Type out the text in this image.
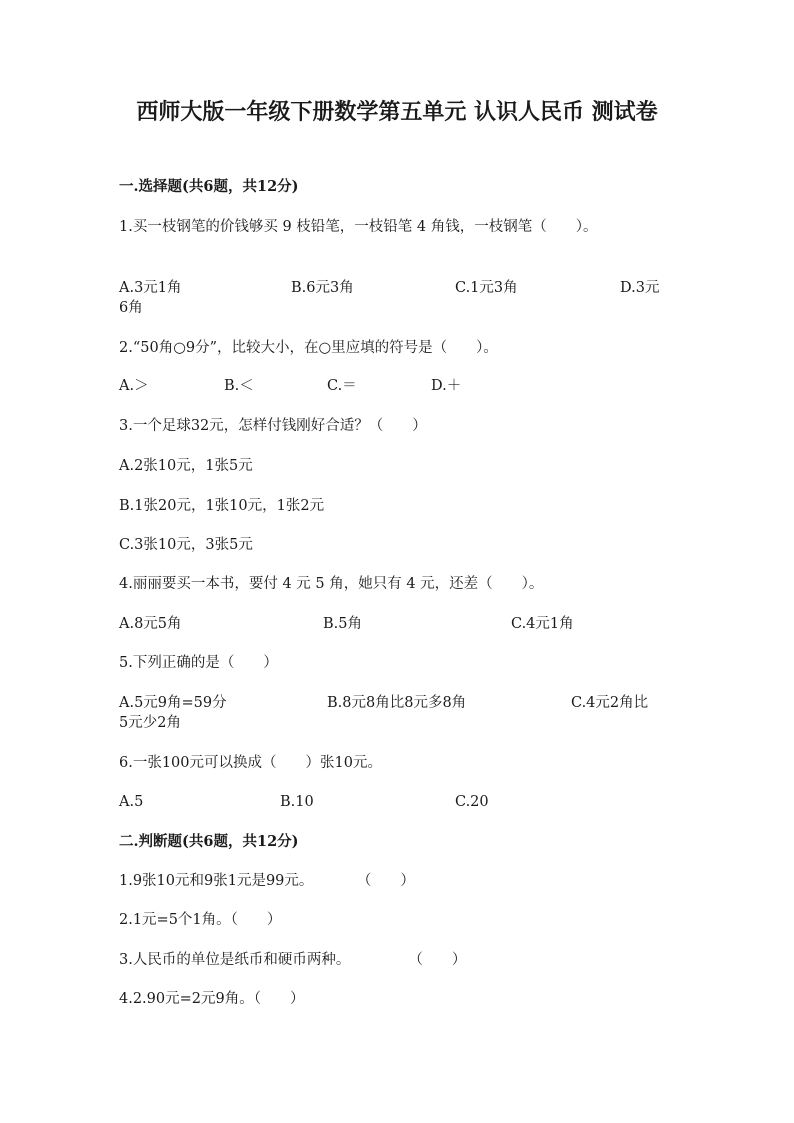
西师大版一年级下册数学第五单元 认识人民币 测试卷
一.选择题(共6题，共12分)
1.买一枝钢笔的价钱够买 9 枝铅笔，一枝铅笔 4 角钱，一枝钢笔（　　）。
A.3元1角	B.6元3角	C.1元3角	D.3元
6角
2.“50角○9分”，比较大小，在○里应填的符号是（　　）。
A.＞	B.＜	C.＝	D.＋
3.一个足球32元，怎样付钱刚好合适？（　　）
A.2张10元，1张5元
B.1张20元，1张10元，1张2元
C.3张10元，3张5元
4.丽丽要买一本书，要付 4 元 5 角，她只有 4 元，还差（　　）。
A.8元5角	B.5角	C.4元1角
5.下列正确的是（　　）
A.5元9角=59分	B.8元8角比8元多8角	C.4元2角比
5元少2角
6.一张100元可以换成（　　）张10元。
A.5	B.10	C.20
二.判断题(共6题，共12分)
1.9张10元和9张1元是99元。　　　　（　　）
2.1元=5个1角。（　　）
3.人民币的单位是纸币和硬币两种。　　　　　（　　）
4.2.90元=2元9角。（　　）
